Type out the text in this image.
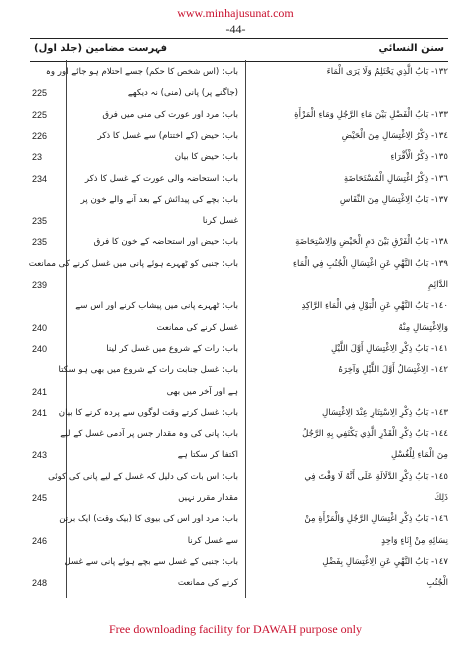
www.minhajusunat.com
-44-
سنن النسائي
فہرست مضامین (جلد اول)
١٣٢- بَابُ الَّذِي يَحْتَلِمُ وَلَا يَرَى الْمَاءَ
باب: (اس شخص کا حکم) جسے احتلام ہو جائے اور وہ
(جاگنے پر) پانی (منی) نہ دیکھے
225
١٣٣- بَابُ الْفَصْلِ بَيْنَ مَاءِ الرَّجُلِ وَمَاءِ الْمَرْأَةِ
باب: مرد اور عورت کی منی میں فرق
225
١٣٤- ذِكْرُ الِاغْتِسَالِ مِنَ الْحَيْضِ
باب: حیض (کے اختتام) سے غسل کا ذکر
226
١٣٥- ذِكْرُ الْأَقْرَاءِ
باب: حیض کا بیان
23
١٣٦- ذِكْرُ اغْتِسَالِ الْمُسْتَحَاضَةِ
باب: استحاضہ والی عورت کے غسل کا ذکر
234
١٣٧- بَابُ الِاغْتِسَالِ مِنَ النِّفَاسِ
باب: بچے کی پیدائش کے بعد آنے والے خون پر
غسل کرنا
235
١٣٨- بَابُ الْفَرْقِ بَيْنَ دَمِ الْحَيْضِ وَالِاسْتِحَاضَةِ
باب: حیض اور استحاضہ کے خون کا فرق
235
١٣٩- بَابُ النَّهْيِ عَنِ اغْتِسَالِ الْجُنُبِ فِي الْمَاءِ
باب: جنبی کو ٹھہرے ہوئے پانی میں غسل کرنے کی ممانعت
الدَّائِمِ
239
١٤٠- بَابُ النَّهْيِ عَنِ الْبَوْلِ فِي الْمَاءِ الرَّاكِدِ
باب: ٹھہرے پانی میں پیشاب کرنے اور اس سے
وَالِاغْتِسَالِ مِنْهُ
غسل کرنے کی ممانعت
240
١٤١- بَابُ ذِكْرِ الِاغْتِسَالِ أَوَّلَ اللَّيْلِ
باب: رات کے شروع میں غسل کر لینا
240
١٤٢- الِاغْتِسَالُ أَوَّلَ اللَّيْلِ وَآخِرَهُ
باب: غسل جنابت رات کے شروع میں بھی ہو سکتا
ہے اور آخر میں بھی
241
١٤٣- بَابُ ذِكْرِ الِاسْتِتَارِ عِنْدَ الِاغْتِسَالِ
باب: غسل کرتے وقت لوگوں سے پردہ کرنے کا بیان
241
١٤٤- بَابُ ذِكْرِ الْقَدْرِ الَّذِي يَكْتَفِي بِهِ الرَّجُلُ
باب: پانی کی وہ مقدار جس پر آدمی غسل کے لیے
مِنَ الْمَاءِ لِلْغُسْلِ
اکتفا کر سکتا ہے
243
١٤٥- بَابُ ذِكْرِ الدَّلَالَةِ عَلَى أَنَّهُ لَا وَقْتَ فِي
باب: اس بات کی دلیل کہ غسل کے لیے پانی کی کوئی
ذَلِكَ
مقدار مقرر نہیں
245
١٤٦- بَابُ ذِكْرِ اغْتِسَالِ الرَّجُلِ وَالْمَرْأَةِ مِنْ
باب: مرد اور اس کی بیوی کا (بیک وقت) ایک برتن
نِسَائِهِ مِنْ إِنَاءٍ وَاحِدٍ
سے غسل کرنا
246
١٤٧- بَابُ النَّهْيِ عَنِ الِاغْتِسَالِ بِفَضْلِ
باب: جنبی کے غسل سے بچے ہوئے پانی سے غسل
الْجُنُبِ
کرنے کی ممانعت
248
Free downloading facility for DAWAH purpose only
